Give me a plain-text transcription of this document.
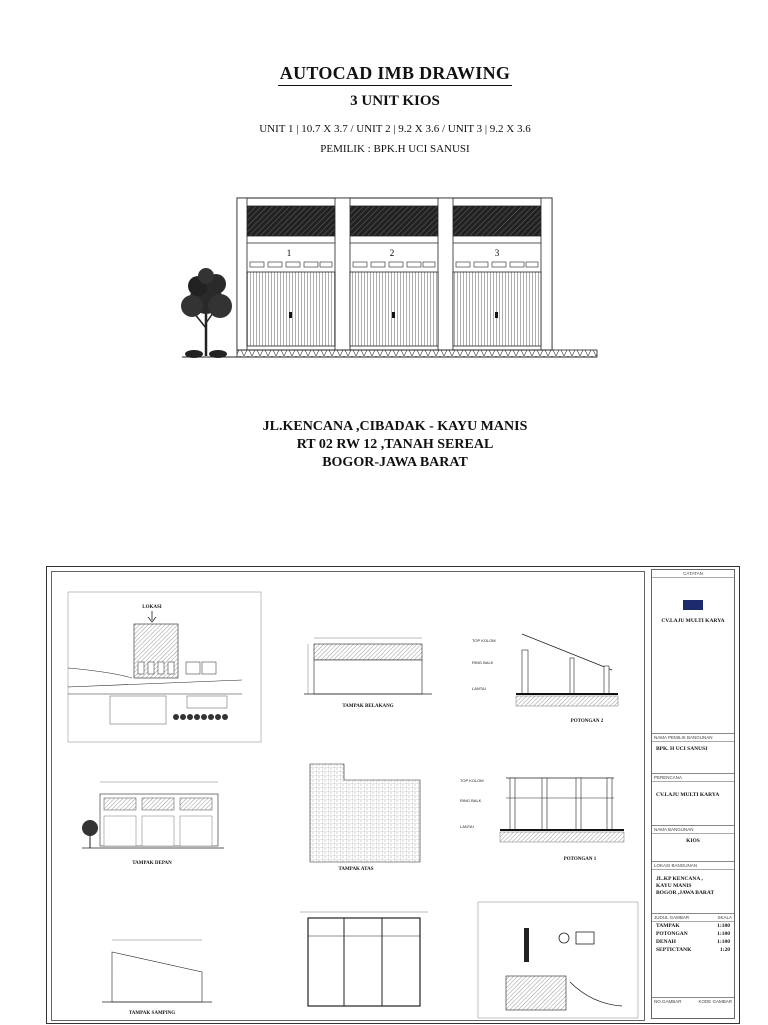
AUTOCAD IMB DRAWING
3 UNIT KIOS
UNIT 1 | 10.7 X 3.7 / UNIT 2 | 9.2 X 3.6 / UNIT 3 | 9.2 X 3.6
PEMILIK : BPK.H UCI SANUSI
1	2	3
JL.KENCANA ,CIBADAK - KAYU MANIS
RT 02 RW 12 ,TANAH SEREAL
BOGOR-JAWA BARAT
LOKASI
TAMPAK BELAKANG
TOP KOLOM
RING BALK
LANTAI
POTONGAN 2
TAMPAK DEPAN
TAMPAK ATAS
TOP KOLOM
RING BALK
LANTAI
POTONGAN 1
TAMPAK SAMPING
CATATAN
CV.LAJU MULTI KARYA
NAMA PEMILIK BANGUNAN
BPK. H UCI SANUSI
PERENCANA
CV.LAJU MULTI KARYA
NAMA BANGUNAN
KIOS
LOKASI BANGUNAN
JL.KP KENCANA ,
KAYU MANIS
BOGOR ,JAWA BARAT
JUDUL GAMBAR	SKALA
TAMPAK	1:100
POTONGAN	1:100
DENAH	1:100
SEPTICTANK	1:20
NO.GAMBAR	KODE GAMBAR
